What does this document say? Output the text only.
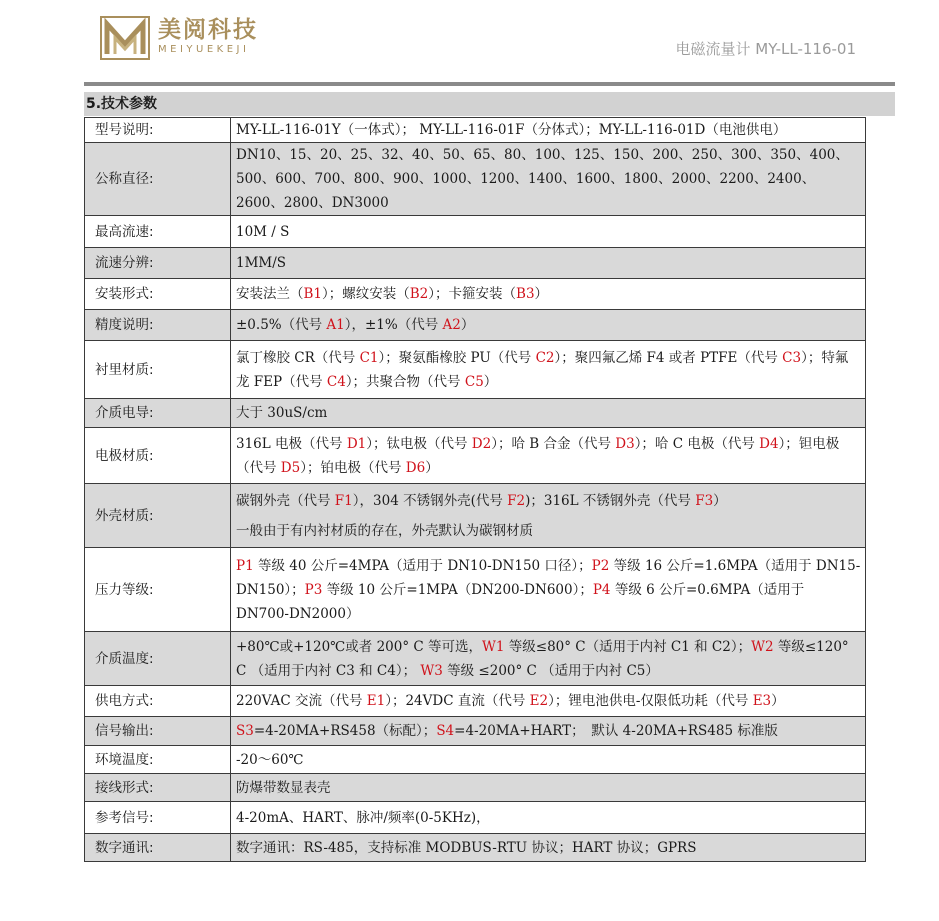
美阅科技
MEIYUEKEJI	电磁流量计 MY-LL-116-01
5.技术参数
型号说明:	MY-LL-116-01Y（一体式）； MY-LL-116-01F（分体式）；MY-LL-116-01D（电池供电）
公称直径:	DN10、15、20、25、32、40、50、65、80、100、125、150、200、250、300、350、400、500、600、700、800、900、1000、1200、1400、1600、1800、2000、2200、2400、2600、2800、DN3000
最高流速:	10M / S
流速分辨:	1MM/S
安装形式:	安装法兰（B1）；螺纹安装（B2）；卡箍安装（B3）
精度说明:	±0.5%（代号 A1），±1%（代号 A2）
衬里材质:	氯丁橡胶 CR（代号 C1）；聚氨酯橡胶 PU（代号 C2）；聚四氟乙烯 F4 或者 PTFE（代号 C3）；特氟龙 FEP（代号 C4）；共聚合物（代号 C5）
介质电导:	大于 30uS/cm
电极材质:	316L 电极（代号 D1）；钛电极（代号 D2）；哈 B 合金（代号 D3）；哈 C 电极（代号 D4）；钽电极（代号 D5）；铂电极（代号 D6）
外壳材质:	碳钢外壳（代号 F1），304 不锈钢外壳(代号 F2)；316L 不锈钢外壳（代号 F3）
一般由于有内衬材质的存在，外壳默认为碳钢材质

压力等级:	P1 等级 40 公斤=4MPA（适用于 DN10-DN150 口径）；P2 等级 16 公斤=1.6MPA（适用于 DN15-DN150）；P3 等级 10 公斤=1MPA（DN200-DN600）；P4 等级 6 公斤=0.6MPA（适用于 DN700-DN2000）
介质温度:	+80℃或+120℃或者 200° C 等可选，W1 等级≤80° C（适用于内衬 C1 和 C2）；W2 等级≤120° C （适用于内衬 C3 和 C4）； W3 等级 ≤200° C （适用于内衬 C5）
供电方式:	220VAC 交流（代号 E1）；24VDC 直流（代号 E2）；锂电池供电-仅限低功耗（代号 E3）
信号输出:	S3=4-20MA+RS458（标配）；S4=4-20MA+HART；　默认 4-20MA+RS485 标准版
环境温度:	-20～60℃
接线形式:	防爆带数显表壳
参考信号:	4-20mA、HART、脉冲/频率(0-5KHz)，
数字通讯:	数字通讯：RS-485，支持标准 MODBUS-RTU 协议；HART 协议；GPRS
